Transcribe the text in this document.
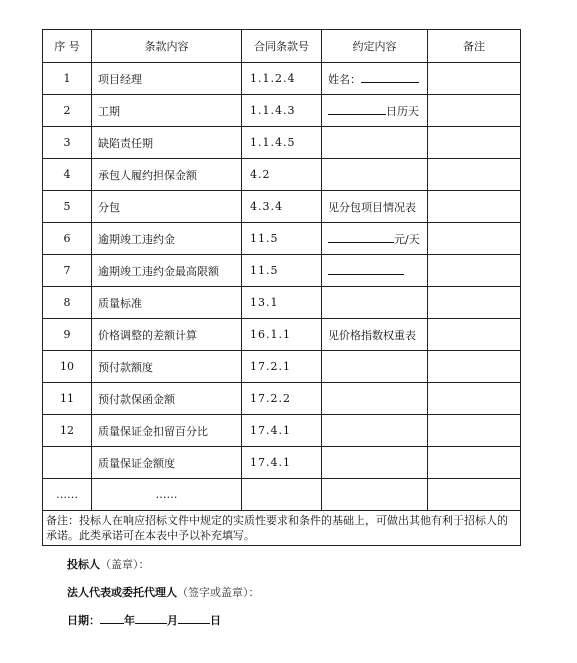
序 号	条款内容	合同条款号	约定内容	备注
1	项目经理	1.1.2.4	姓名：	
2	工期	1.1.4.3	日历天	
3	缺陷责任期	1.1.4.5		
4	承包人履约担保金额	4.2		
5	分包	4.3.4	见分包项目情况表	
6	逾期竣工违约金	11.5	元/天	
7	逾期竣工违约金最高限额	11.5		
8	质量标准	13.1		
9	价格调整的差额计算	16.1.1	见价格指数权重表	
10	预付款额度	17.2.1		
11	预付款保函金额	17.2.2		
12	质量保证金扣留百分比	17.4.1		
	质量保证金额度	17.4.1		
……	……			
备注：投标人在响应招标文件中规定的实质性要求和条件的基础上，可做出其他有利于招标人的承诺。此类承诺可在本表中予以补充填写。				
投标人（盖章）：
法人代表或委托代理人（签字或盖章）：
日期： 年	月	日
